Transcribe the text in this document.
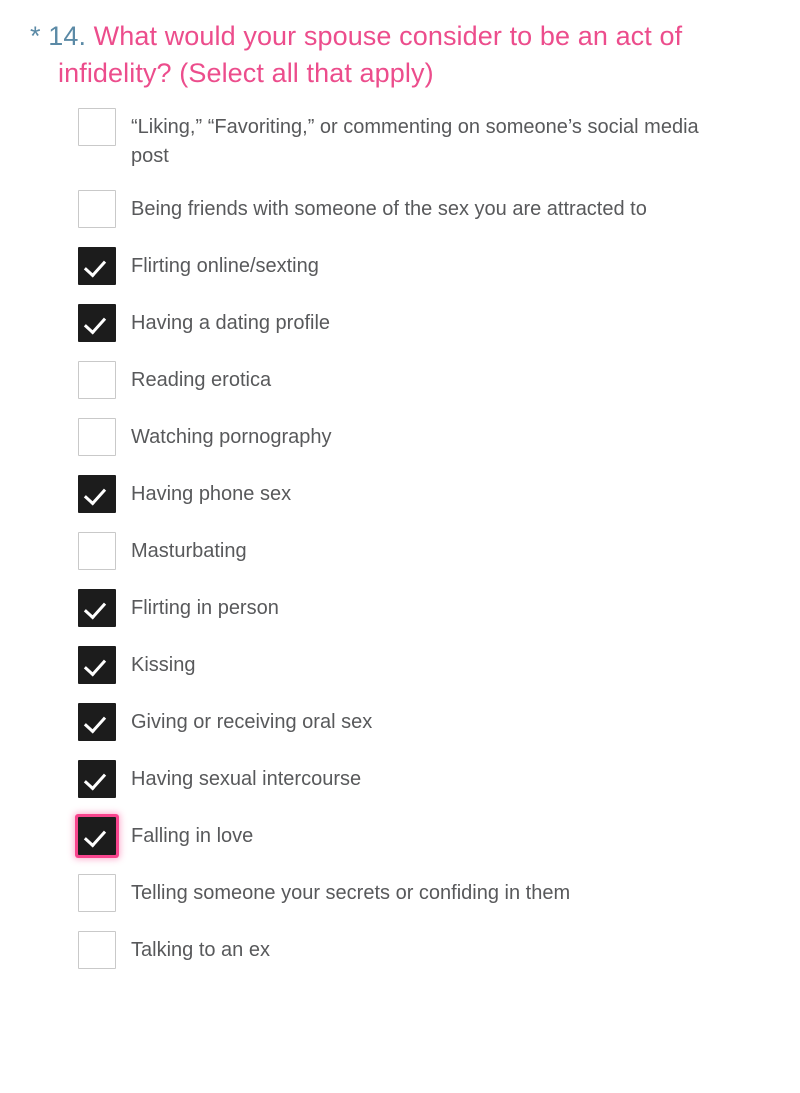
* 14. What would your spouse consider to be an act of infidelity? (Select all that apply)
“Liking,” “Favoriting,” or commenting on someone’s social media post
Being friends with someone of the sex you are attracted to
Flirting online/sexting
Having a dating profile
Reading erotica
Watching pornography
Having phone sex
Masturbating
Flirting in person
Kissing
Giving or receiving oral sex
Having sexual intercourse
Falling in love
Telling someone your secrets or confiding in them
Talking to an ex
